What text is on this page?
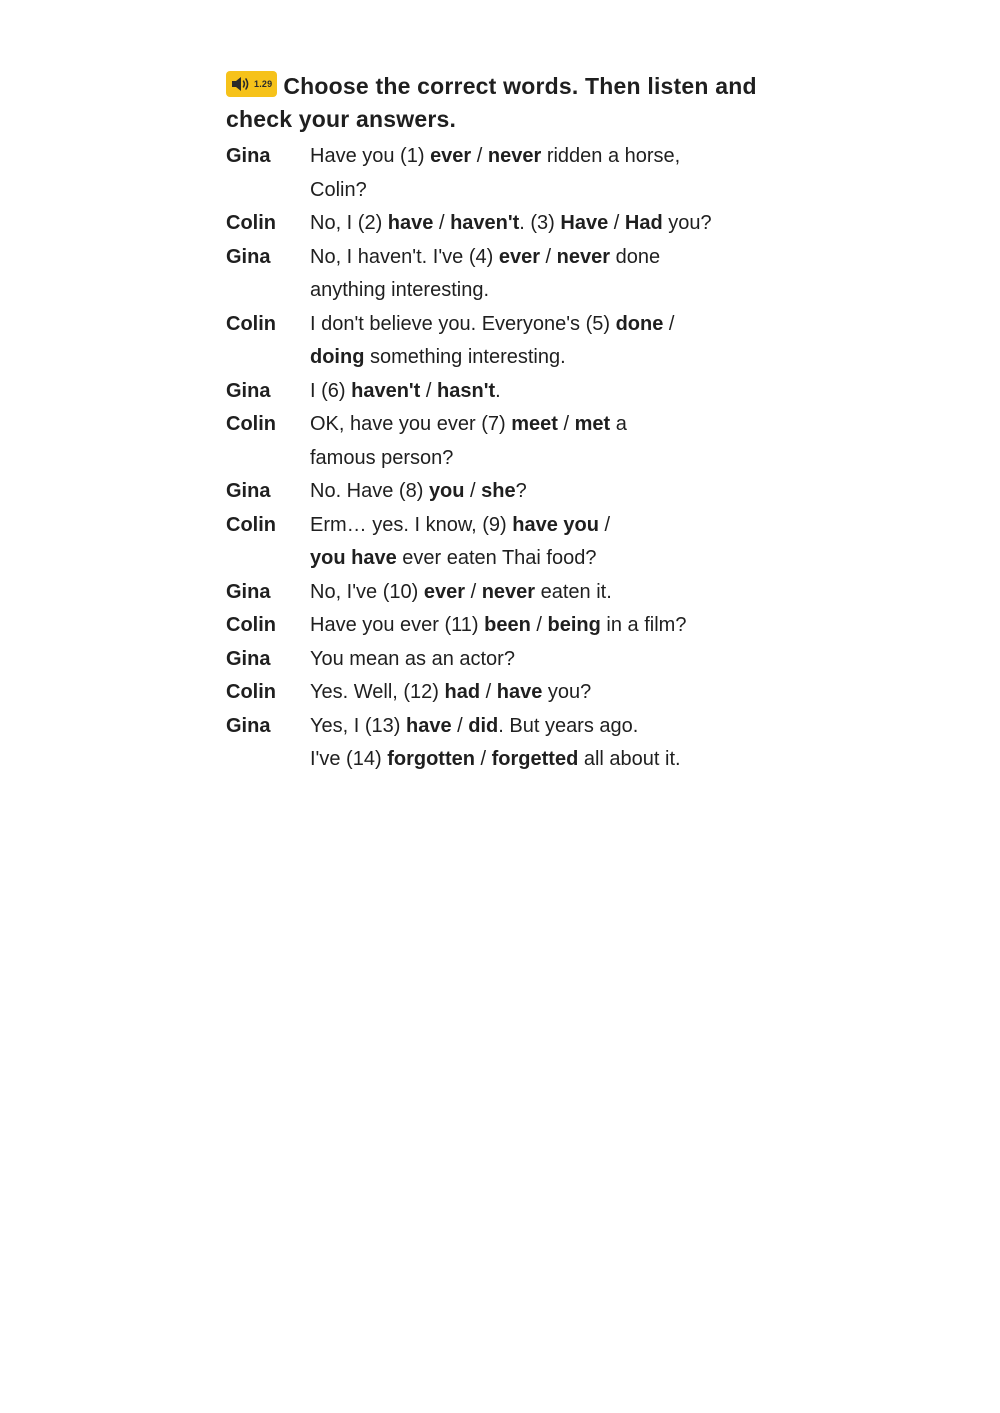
1.29 Choose the correct words. Then listen and check your answers.
Gina	Have you (1) ever / never ridden a horse,

Colin?

Colin	No, I (2) have / haven't. (3) Have / Had you?

Gina	No, I haven't. I've (4) ever / never done

anything interesting.

Colin	I don't believe you. Everyone's (5) done /

doing something interesting.

Gina	I (6) haven't / hasn't.

Colin	OK, have you ever (7) meet / met a

famous person?

Gina	No. Have (8) you / she?

Colin	Erm… yes. I know, (9) have you /

you have ever eaten Thai food?

Gina	No, I've (10) ever / never eaten it.

Colin	Have you ever (11) been / being in a film?

Gina	You mean as an actor?

Colin	Yes. Well, (12) had / have you?

Gina	Yes, I (13) have / did. But years ago.

I've (14) forgotten / forgetted all about it.
